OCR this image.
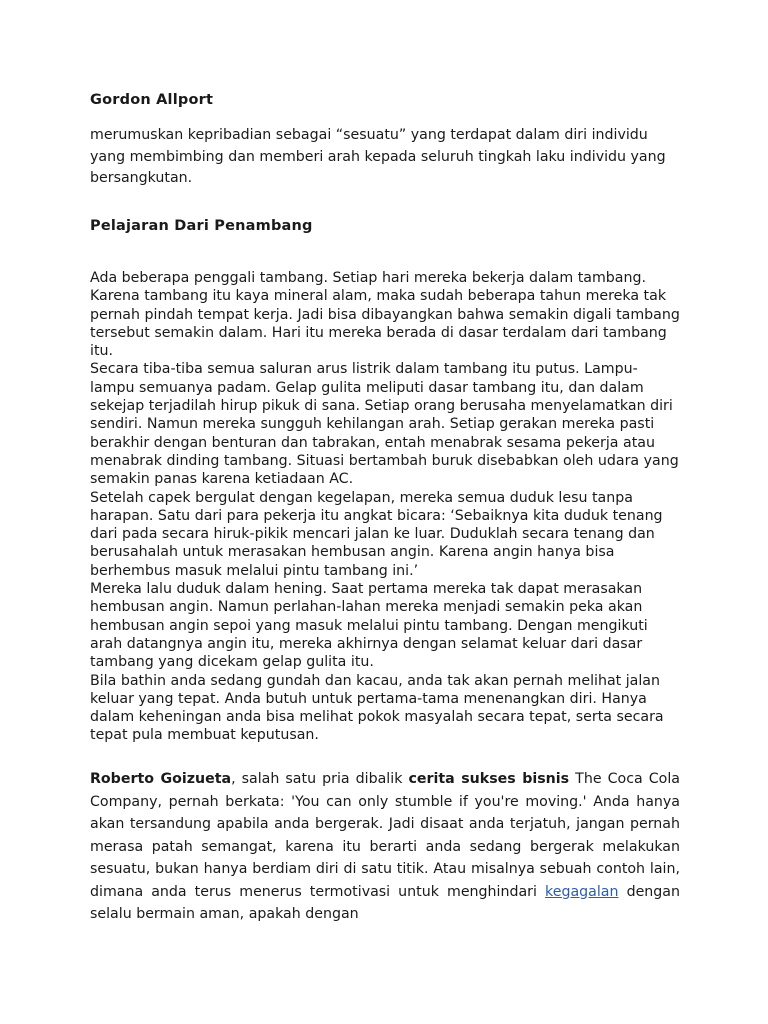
Gordon Allport

merumuskan kepribadian sebagai “sesuatu” yang terdapat dalam diri individu yang membimbing dan memberi arah kepada seluruh tingkah laku individu yang bersangkutan.

Pelajaran Dari Penambang

Ada beberapa penggali tambang. Setiap hari mereka bekerja dalam tambang. Karena tambang itu kaya mineral alam, maka sudah beberapa tahun mereka tak pernah pindah tempat kerja. Jadi bisa dibayangkan bahwa semakin digali tambang tersebut semakin dalam. Hari itu mereka berada di dasar terdalam dari tambang itu.

Secara tiba-tiba semua saluran arus listrik dalam tambang itu putus. Lampu-lampu semuanya padam. Gelap gulita meliputi dasar tambang itu, dan dalam sekejap terjadilah hirup pikuk di sana. Setiap orang berusaha menyelamatkan diri sendiri. Namun mereka sungguh kehilangan arah. Setiap gerakan mereka pasti berakhir dengan benturan dan tabrakan, entah menabrak sesama pekerja atau menabrak dinding tambang. Situasi bertambah buruk disebabkan oleh udara yang semakin panas karena ketiadaan AC.

Setelah capek bergulat dengan kegelapan, mereka semua duduk lesu tanpa harapan. Satu dari para pekerja itu angkat bicara: ‘Sebaiknya kita duduk tenang dari pada secara hiruk-pikik mencari jalan ke luar. Duduklah secara tenang dan berusahalah untuk merasakan hembusan angin. Karena angin hanya bisa berhembus masuk melalui pintu tambang ini.’

Mereka lalu duduk dalam hening. Saat pertama mereka tak dapat merasakan hembusan angin. Namun perlahan-lahan mereka menjadi semakin peka akan hembusan angin sepoi yang masuk melalui pintu tambang. Dengan mengikuti arah datangnya angin itu, mereka akhirnya dengan selamat keluar dari dasar tambang yang dicekam gelap gulita itu.

Bila bathin anda sedang gundah dan kacau, anda tak akan pernah melihat jalan keluar yang tepat. Anda butuh untuk pertama-tama menenangkan diri. Hanya dalam keheningan anda bisa melihat pokok masyalah secara tepat, serta secara tepat pula membuat keputusan.

Roberto Goizueta, salah satu pria dibalik cerita sukses bisnis The Coca Cola Company, pernah berkata: 'You can only stumble if you're moving.' Anda hanya akan tersandung apabila anda bergerak. Jadi disaat anda terjatuh, jangan pernah merasa patah semangat, karena itu berarti anda sedang bergerak melakukan sesuatu, bukan hanya berdiam diri di satu titik. Atau misalnya sebuah contoh lain, dimana anda terus menerus termotivasi untuk menghindari kegagalan dengan selalu bermain aman, apakah dengan
